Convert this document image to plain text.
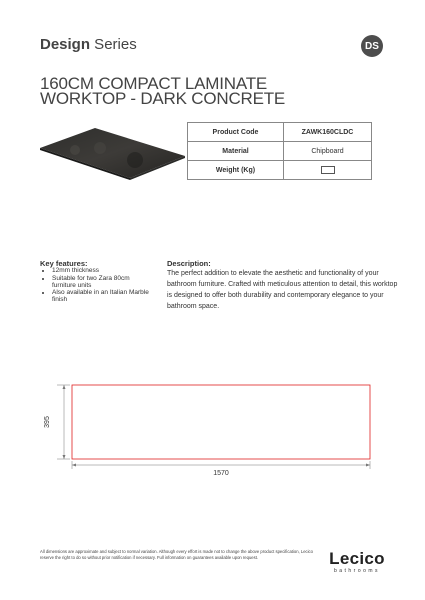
Design Series	DS
160CM COMPACT LAMINATE
WORKTOP - DARK CONCRETE
Product Code	ZAWK160CLDC
Material	Chipboard
Weight (Kg)	
Key features:
• 12mm thickness
• Suitable for two Zara 80cm furniture units
• Also available in an Italian Marble finish
Description:
The perfect addition to elevate the aesthetic and functionality of your bathroom furniture. Crafted with meticulous attention to detail, this worktop is designed to offer both durability and contemporary elegance to your bathroom space.
395
1570
All dimensions are approximate and subject to normal variation. Although every effort is made not to change the above product specification, Lecico reserve the right to do so without prior notification if necessary. Full information on guarantees available upon request.	Lecico
bathrooms
